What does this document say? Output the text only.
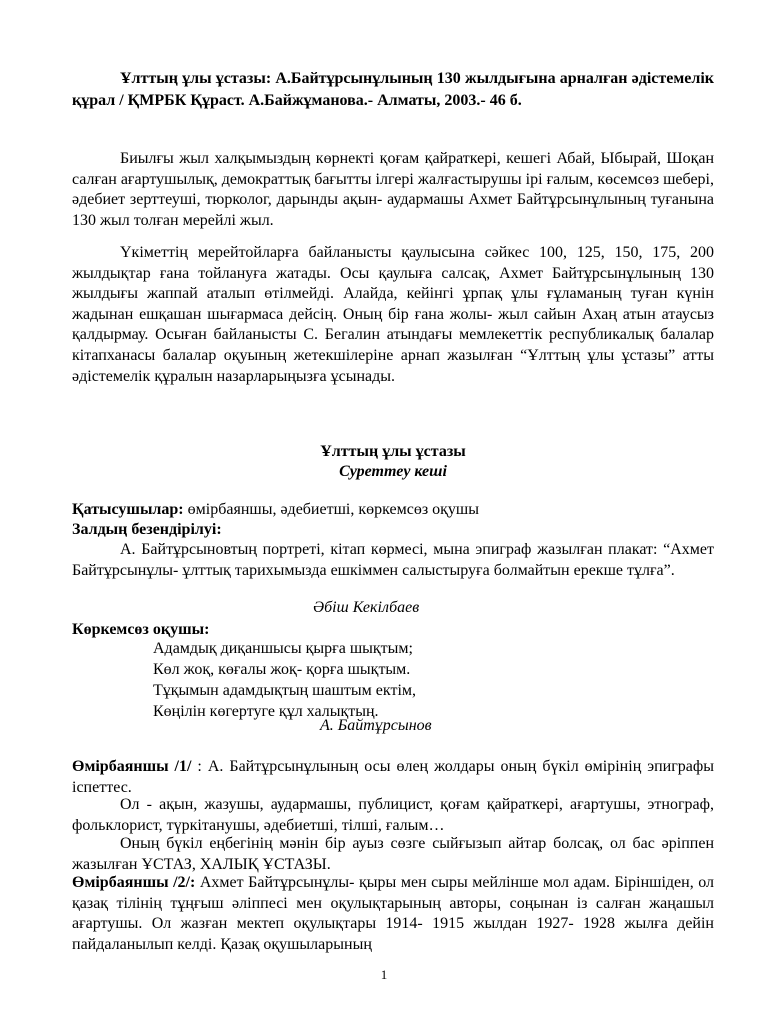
Ұлттың ұлы ұстазы: А.Байтұрсынұлының 130 жылдығына арналған әдістемелік құрал / ҚМРБК Құраст. А.Байжұманова.- Алматы, 2003.- 46 б.

Биылғы жыл халқымыздың көрнекті қоғам қайраткері, кешегі Абай, Ыбырай, Шоқан салған ағартушылық, демократтық бағытты ілгері жалғастырушы ірі ғалым, көсемсөз шебері, әдебиет зерттеуші, тюрколог, дарынды ақын- аудармашы Ахмет Байтұрсынұлының туғанына 130 жыл толған мерейлі жыл.

Үкіметтің мерейтойларға байланысты қаулысына сәйкес 100, 125, 150, 175, 200 жылдықтар ғана тойлануға жатады. Осы қаулыға салсақ, Ахмет Байтұрсынұлының 130 жылдығы жаппай аталып өтілмейді. Алайда, кейінгі ұрпақ ұлы ғұламаның туған күнін жадынан ешқашан шығармаса дейсің. Оның бір ғана жолы- жыл сайын Ахаң атын атаусыз қалдырмау. Осыған байланысты С. Бегалин атындағы мемлекеттік республикалық балалар кітапханасы балалар оқуының жетекшілеріне арнап жазылған “Ұлттың ұлы ұстазы” атты әдістемелік құралын назарларыңызға ұсынады.

Ұлттың ұлы ұстазы

Суреттеу кеші

Қатысушылар: өмірбаяншы, әдебиетші, көркемсөз оқушы

Залдың безендірілуі:

А. Байтұрсыновтың портреті, кітап көрмесі, мына эпиграф жазылған плакат: “Ахмет Байтұрсынұлы- ұлттық тарихымызда ешкіммен салыстыруға болмайтын ерекше тұлға”.

Әбіш Кекілбаев

Көркемсөз оқушы:

Адамдық диқаншысы қырға шықтым;
Көл жоқ, көғалы жоқ- қорға шықтым.
Тұқымын адамдықтың шаштым ектім,
Көңілін көгертуге құл халықтың.
А. Байтұрсынов

Өмірбаяншы /1/ : А. Байтұрсынұлының осы өлең жолдары оның бүкіл өмірінің эпиграфы іспеттес.

Ол - ақын, жазушы, аудармашы, публицист, қоғам қайраткері, ағартушы, этнограф, фольклорист, түркітанушы, әдебиетші, тілші, ғалым…

Оның бүкіл еңбегінің мәнін бір ауыз сөзге сыйғызып айтар болсақ, ол бас әріппен жазылған ҰСТАЗ, ХАЛЫҚ ҰСТАЗЫ.

Өмірбаяншы /2/: Ахмет Байтұрсынұлы- қыры мен сыры мейлінше мол адам. Біріншіден, ол қазақ тілінің тұңғыш әліппесі мен оқулықтарының авторы, соңынан із салған жаңашыл ағартушы. Ол жазған мектеп оқулықтары 1914- 1915 жылдан 1927- 1928 жылға дейін пайдаланылып келді. Қазақ оқушыларының

1
